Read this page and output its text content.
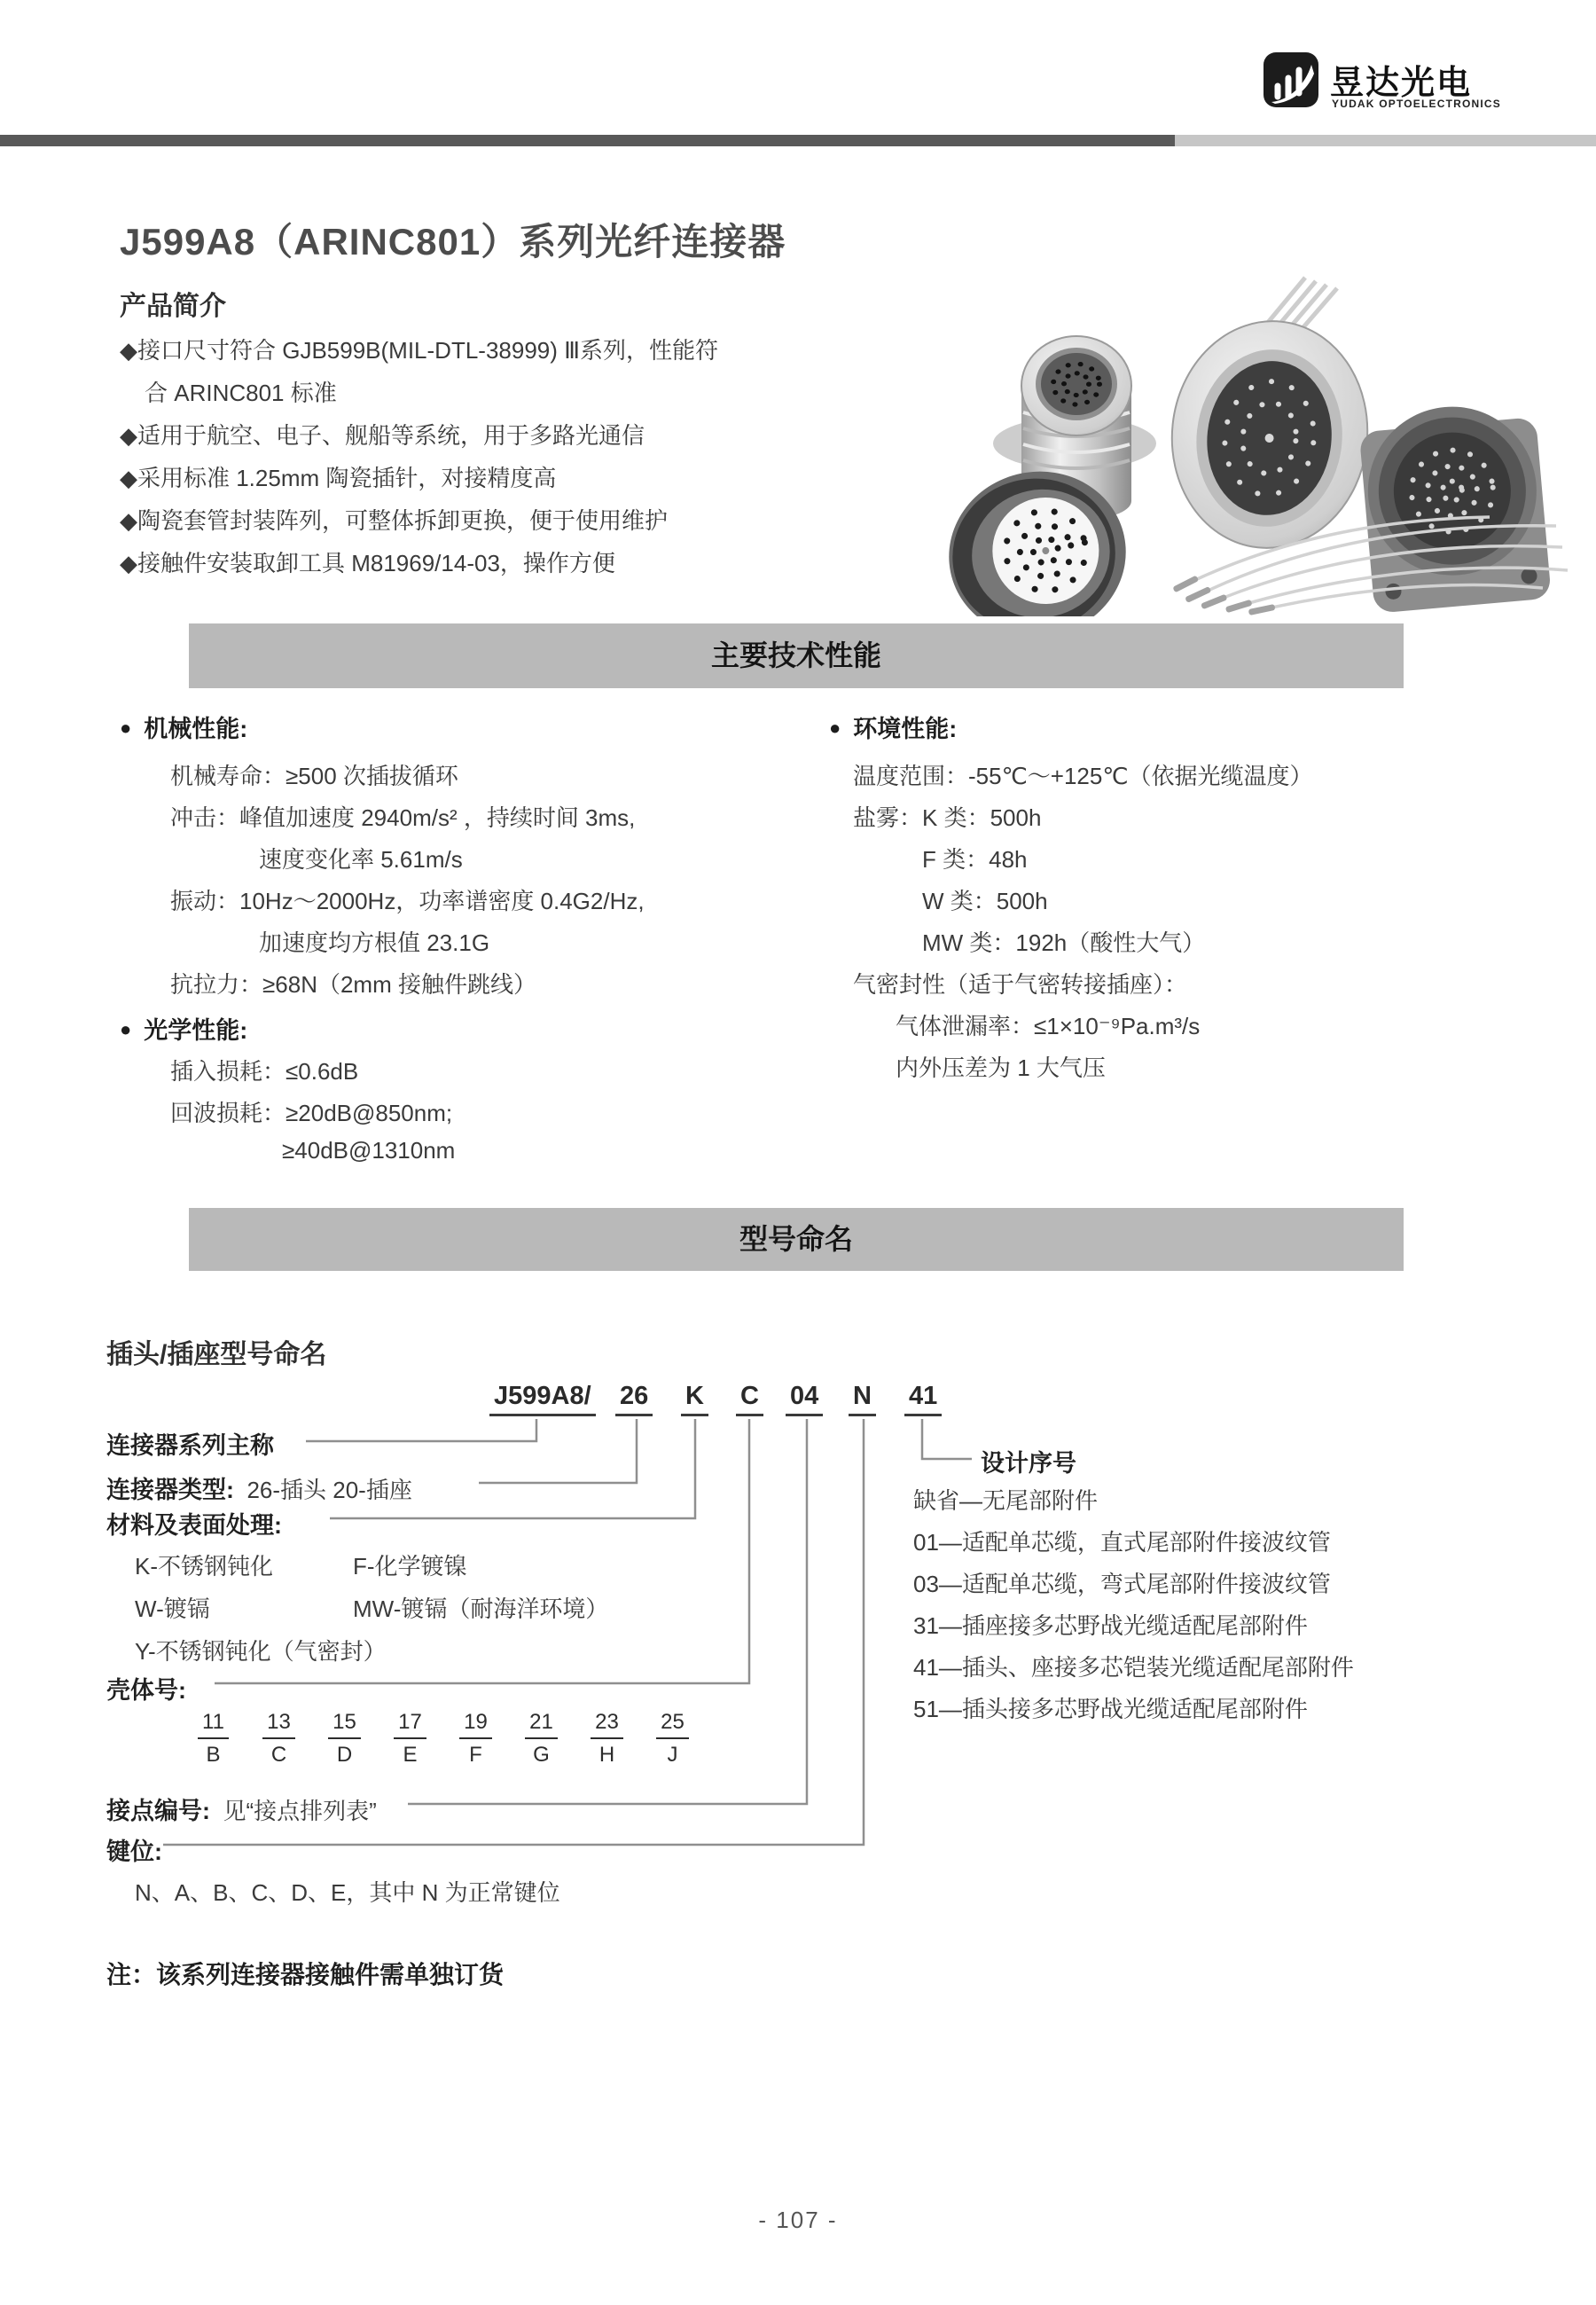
昱达光电
YUDAK OPTOELECTRONICS
J599A8（ARINC801）系列光纤连接器
产品简介
◆接口尺寸符合 GJB599B(MIL-DTL-38999) Ⅲ系列，性能符
合 ARINC801 标准
◆适用于航空、电子、舰船等系统，用于多路光通信
◆采用标准 1.25mm 陶瓷插针，对接精度高
◆陶瓷套管封装阵列，可整体拆卸更换，便于使用维护
◆接触件安装取卸工具 M81969/14-03，操作方便
主要技术性能
● 机械性能:
机械寿命：≥500 次插拔循环
冲击：峰值加速度 2940m/s² ，持续时间 3ms,
速度变化率 5.61m/s
振动：10Hz～2000Hz，功率谱密度 0.4G2/Hz,
加速度均方根值 23.1G
抗拉力：≥68N（2mm 接触件跳线）
● 光学性能:
插入损耗：≤0.6dB
回波损耗：≥20dB@850nm;
≥40dB@1310nm
● 环境性能:
温度范围：-55℃～+125℃（依据光缆温度）
盐雾：K 类：500h
F 类：48h
W 类：500h
MW 类：192h（酸性大气）
气密封性（适于气密转接插座）：
气体泄漏率：≤1×10⁻⁹Pa.m³/s
内外压差为 1 大气压
型号命名
插头/插座型号命名
J599A8/ 26 K C 04 N 41
连接器系列主称
连接器类型: 26-插头 20-插座
材料及表面处理:
K-不锈钢钝化	F-化学镀镍
W-镀镉	MW-镀镉（耐海洋环境）
Y-不锈钢钝化（气密封）
壳体号:
11
B
13
C
15
D
17
E
19
F
21
G
23
H
25
J
接点编号: 见“接点排列表”
键位:
N、A、B、C、D、E，其中 N 为正常键位
设计序号
缺省—无尾部附件
01—适配单芯缆，直式尾部附件接波纹管
03—适配单芯缆，弯式尾部附件接波纹管
31—插座接多芯野战光缆适配尾部附件
41—插头、座接多芯铠装光缆适配尾部附件
51—插头接多芯野战光缆适配尾部附件
注：该系列连接器接触件需单独订货
- 107 -
